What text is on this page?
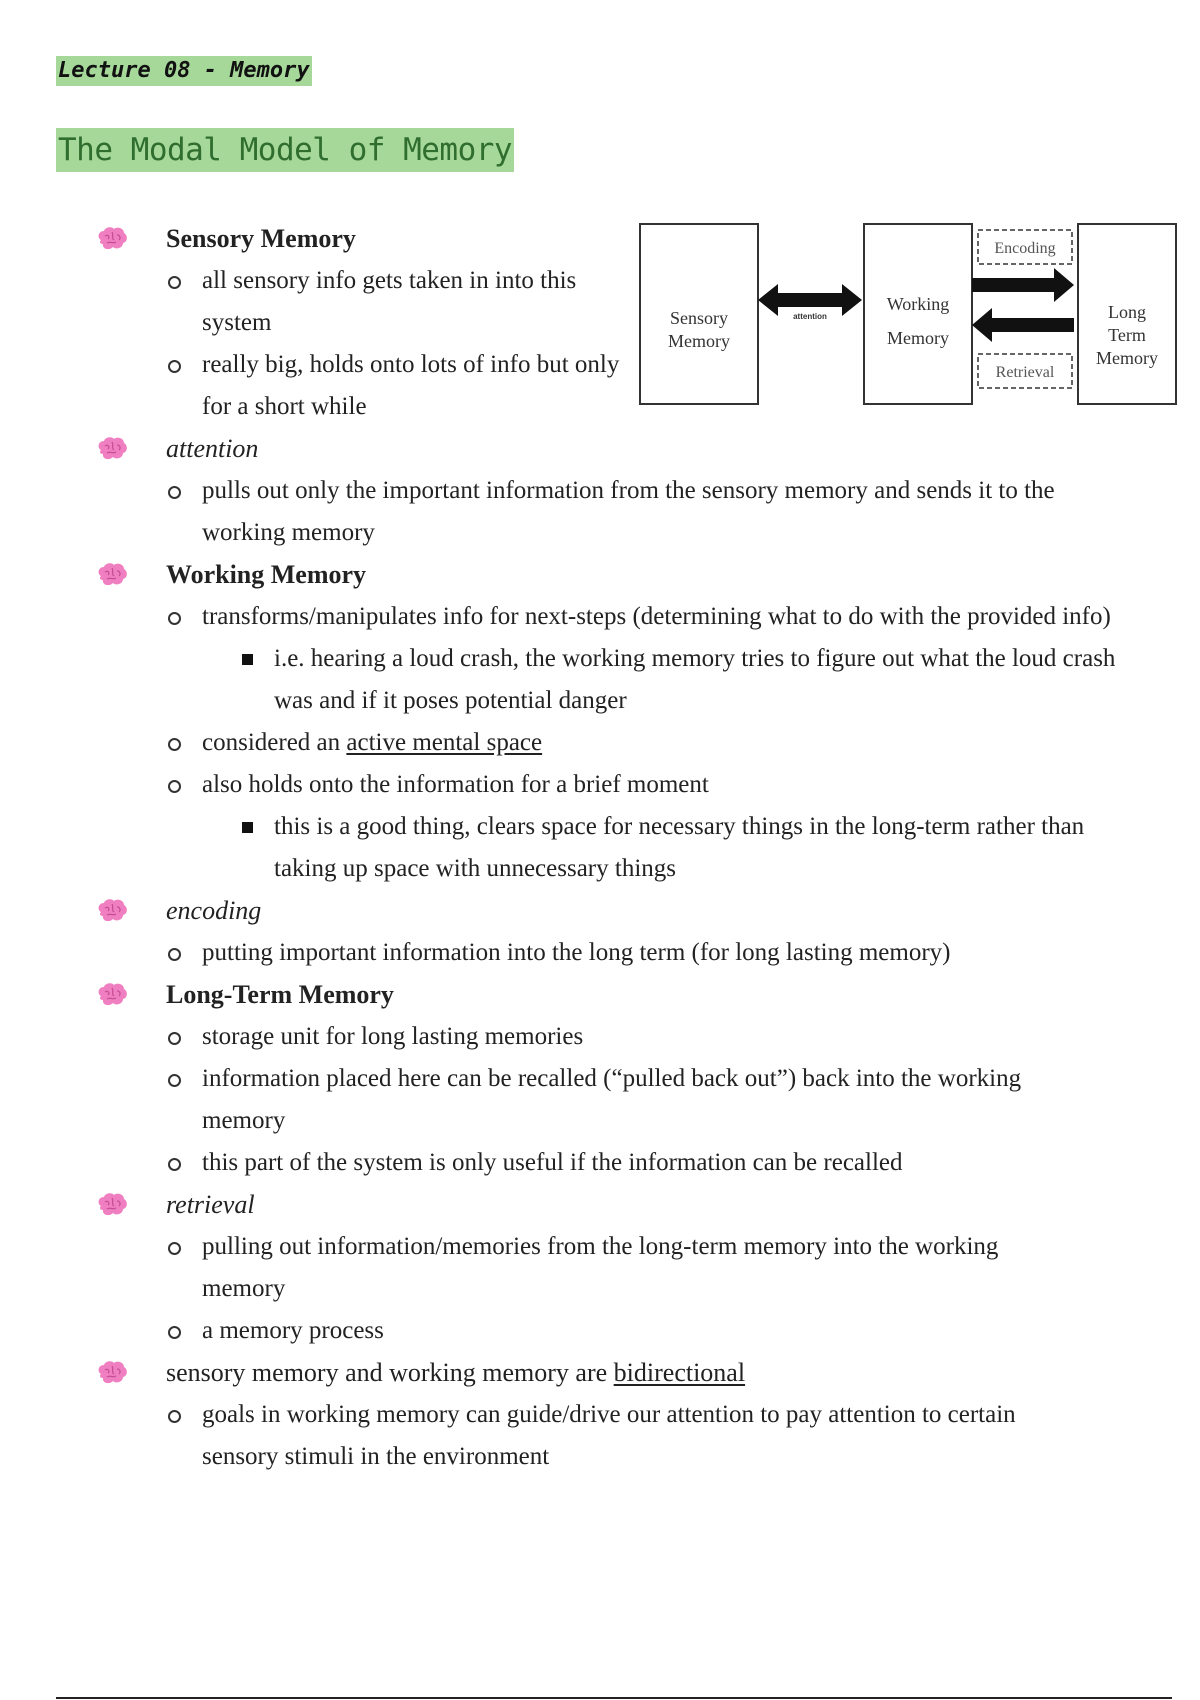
Lecture 08 - Memory
The Modal Model of Memory
Sensory
Memory
attention
Working
Memory
Encoding
Retrieval
Long
Term
Memory
Sensory Memory
all sensory info gets taken in into this system
really big, holds onto lots of info but only for a short while
attention
pulls out only the important information from the sensory memory and sends it to the working memory
Working Memory
transforms/manipulates info for next-steps (determining what to do with the provided info)
i.e. hearing a loud crash, the working memory tries to figure out what the loud crash was and if it poses potential danger
considered an active mental space
also holds onto the information for a brief moment
this is a good thing, clears space for necessary things in the long-term rather than taking up space with unnecessary things
encoding
putting important information into the long term (for long lasting memory)
Long-Term Memory
storage unit for long lasting memories
information placed here can be recalled (“pulled back out”) back into the working memory
this part of the system is only useful if the information can be recalled
retrieval
pulling out information/memories from the long-term memory into the working memory
a memory process
sensory memory and working memory are bidirectional
goals in working memory can guide/drive our attention to pay attention to certain sensory stimuli in the environment
